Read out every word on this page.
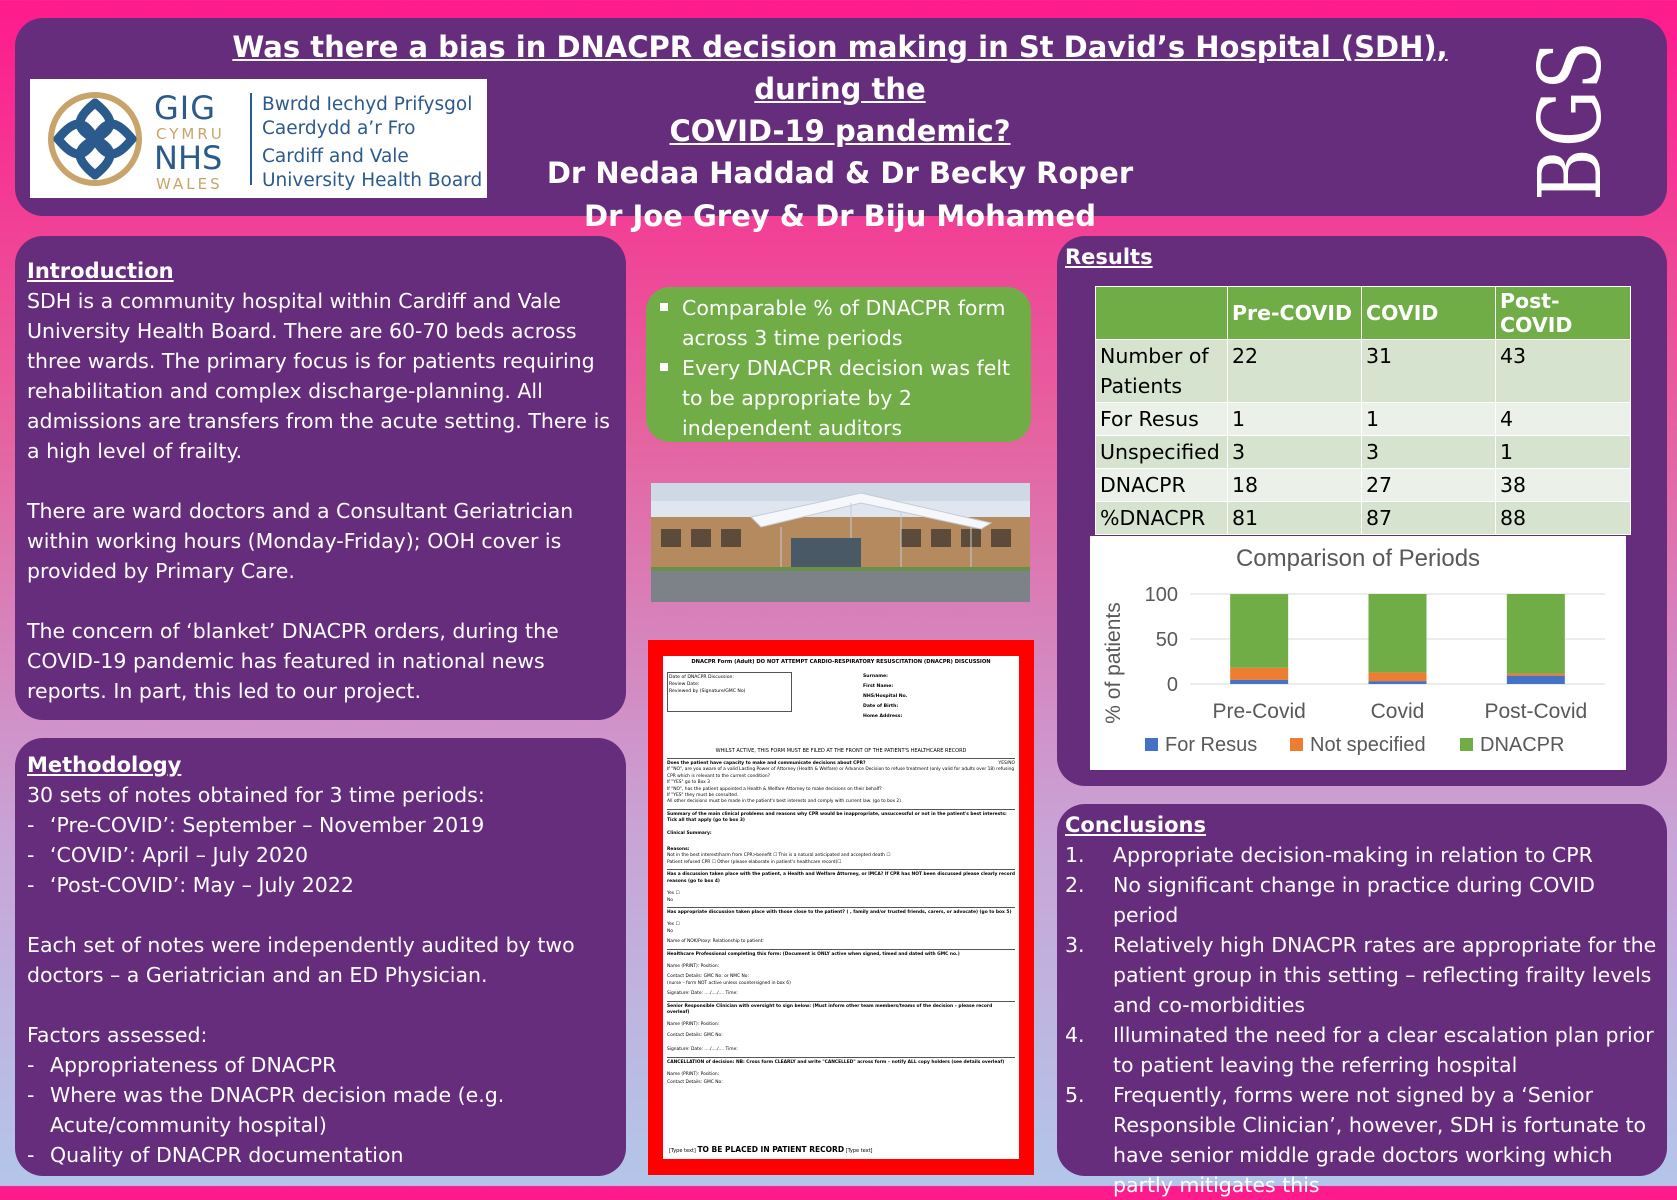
GIG
CYMRU
NHS
WALES
Bwrdd Iechyd Prifysgol
Caerdydd a’r Fro
Cardiff and Vale
University Health Board
Was there a bias in DNACPR decision making in St David’s Hospital (SDH), during the
COVID-19 pandemic?
Dr Nedaa Haddad & Dr Becky Roper
Dr Joe Grey & Dr Biju Mohamed
BGS
Introduction
SDH is a community hospital within Cardiff and Vale University Health Board. There are 60-70 beds across three wards. The primary focus is for patients requiring rehabilitation and complex discharge-planning. All admissions are transfers from the acute setting. There is a high level of frailty.
There are ward doctors and a Consultant Geriatrician within working hours (Monday-Friday); OOH cover is provided by Primary Care.
The concern of ‘blanket’ DNACPR orders, during the COVID-19 pandemic has featured in national news reports. In part, this led to our project.
Methodology
30 sets of notes obtained for 3 time periods:
- ‘Pre-COVID’: September – November 2019
- ‘COVID’: April – July 2020
- ‘Post-COVID’: May – July 2022
Each set of notes were independently audited by two doctors – a Geriatrician and an ED Physician.
Factors assessed:
- Appropriateness of DNACPR
- Where was the DNACPR decision made (e.g. Acute/community hospital)
- Quality of DNACPR documentation
Comparable % of DNACPR form across 3 time periods
Every DNACPR decision was felt to be appropriate by 2 independent auditors
DNACPR Form (Adult) DO NOT ATTEMPT CARDIO-RESPIRATORY RESUSCITATION (DNACPR) DISCUSSION
Date of DNACPR Discussion:
Review Date:
Reviewed by (Signature/GMC No)
Surname:
First Name:
NHS/Hospital No.
Date of Birth:
Home Address:
WHILST ACTIVE, THIS FORM MUST BE FILED AT THE FRONT OF THE PATIENT'S HEALTHCARE RECORD
Does the patient have capacity to make and communicate decisions about CPR?	YES/NO
If "NO", are you aware of a valid Lasting Power of Attorney (Health & Welfare) or Advance Decision to refuse treatment (only valid for adults over 18) refusing CPR which is relevant to the current condition?
If "YES" go to Box 3
If "NO", has the patient appointed a Health & Welfare Attorney to make decisions on their behalf?
If "YES" they must be consulted.
All other decisions must be made in the patient's best interests and comply with current law. (go to box 2)
Summary of the main clinical problems and reasons why CPR would be inappropriate, unsuccessful or not in the patient's best interests: Tick all that apply (go to box 3)
Clinical Summary:
Reasons:
Not in the best interest/harm from CPR>benefit ☐ This is a natural anticipated and accepted death ☐
Patient refused CPR ☐ Other (please elaborate in patient's healthcare record)☐
Has a discussion taken place with the patient, a Health and Welfare Attorney, or IMCA? If CPR has NOT been discussed please clearly record reasons (go to box 4)
Yes ☐
No
Has appropriate discussion taken place with those close to the patient? ( , family and/or trusted friends, carers, or advocate) (go to box 5)
Yes ☐
No
Name of NOK/Proxy: Relationship to patient:
Healthcare Professional completing this form: (Document is ONLY active when signed, timed and dated with GMC no.)
Name (PRINT): Position:
Contact Details: GMC No: or NMC No:
(nurse – form NOT active unless countersigned in box 6)
Signature: Date: ..../..../.... Time:
Senior Responsible Clinician with oversight to sign below: (Must inform other team members/teams of the decision – please record overleaf)
Name (PRINT): Position:
Contact Details: GMC No:
Signature: Date: ..../..../.... Time:
CANCELLATION of decision: NB: Cross form CLEARLY and write "CANCELLED" across form – notify ALL copy holders (see details overleaf)
Name (PRINT): Position:
Contact Details: GMC No:
[Type text] TO BE PLACED IN PATIENT RECORD [Type text]
Results
	Pre-COVID	COVID	Post-COVID
Number of Patients	22	31	43
For Resus	1	1	4
Unspecified	3	3	1
DNACPR	18	27	38
%DNACPR	81	87	88
Comparison of Periods
% of patients 0
50
100
Pre-Covid	Covid	Post-Covid
For Resus	Not specified	DNACPR
Conclusions
1.	Appropriate decision-making in relation to CPR
2.	No significant change in practice during COVID period
3.	Relatively high DNACPR rates are appropriate for the patient group in this setting – reflecting frailty levels and co-morbidities
4.	Illuminated the need for a clear escalation plan prior to patient leaving the referring hospital
5.	Frequently, forms were not signed by a ‘Senior Responsible Clinician’, however, SDH is fortunate to have senior middle grade doctors working which partly mitigates this
